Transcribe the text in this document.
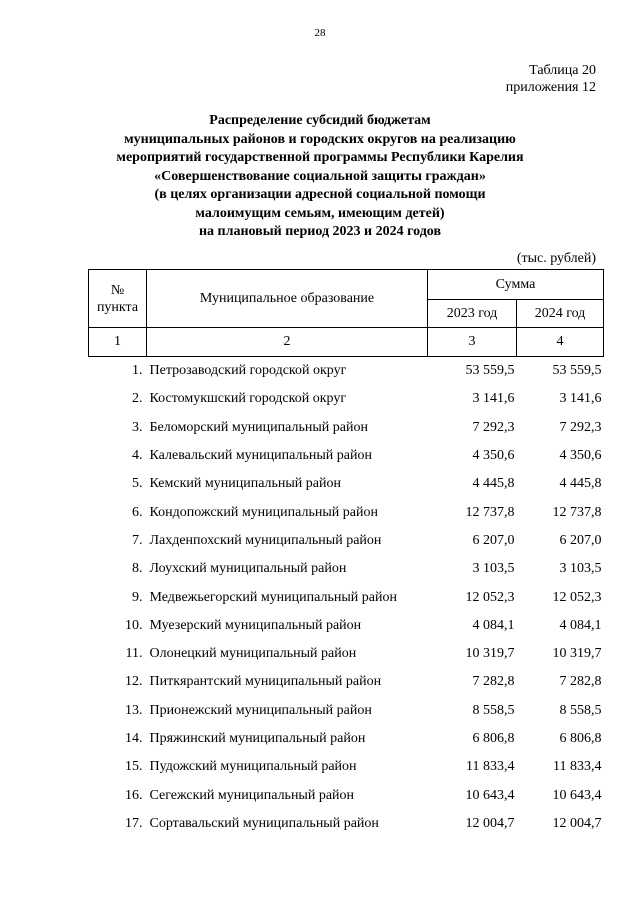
28
Таблица 20
приложения 12
Распределение субсидий бюджетам
муниципальных районов и городских округов на реализацию
мероприятий государственной программы Республики Карелия
«Совершенствование социальной защиты граждан»
(в целях организации адресной социальной помощи
малоимущим семьям, имеющим детей)
на плановый период 2023 и 2024 годов
(тыс. рублей)
№ пункта	Муниципальное образование	Сумма	
		2023 год	2024 год
1	2	3	4
1.	Петрозаводский городской округ	53 559,5	53 559,5
2.	Костомукшский городской округ	3 141,6	3 141,6
3.	Беломорский муниципальный район	7 292,3	7 292,3
4.	Калевальский муниципальный район	4 350,6	4 350,6
5.	Кемский муниципальный район	4 445,8	4 445,8
6.	Кондопожский муниципальный район	12 737,8	12 737,8
7.	Лахденпохский муниципальный район	6 207,0	6 207,0
8.	Лоухский муниципальный район	3 103,5	3 103,5
9.	Медвежьегорский муниципальный район	12 052,3	12 052,3
10.	Муезерский муниципальный район	4 084,1	4 084,1
11.	Олонецкий муниципальный район	10 319,7	10 319,7
12.	Питкярантский муниципальный район	7 282,8	7 282,8
13.	Прионежский муниципальный район	8 558,5	8 558,5
14.	Пряжинский муниципальный район	6 806,8	6 806,8
15.	Пудожский муниципальный район	11 833,4	11 833,4
16.	Сегежский муниципальный район	10 643,4	10 643,4
17.	Сортавальский муниципальный район	12 004,7	12 004,7
